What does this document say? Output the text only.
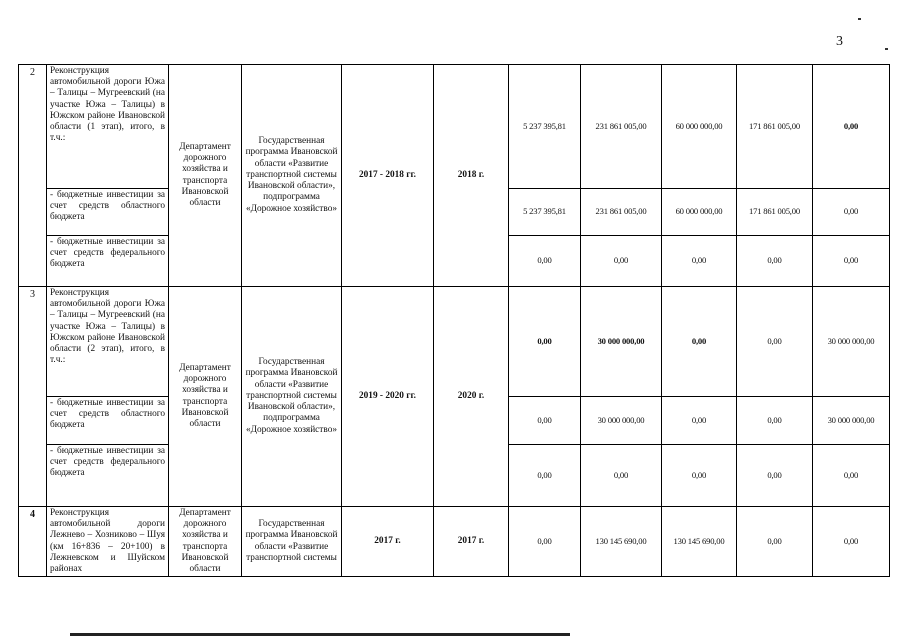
3
2	Реконструкция автомобильной дороги Южа – Талицы – Мугреевский (на участке Южа – Талицы) в Южском районе Ивановской области (1 этап), итого, в т.ч.:	Департамент дорожного хозяйства и транспорта Ивановской области	Государственная программа Ивановской области «Развитие транспортной системы Ивановской области», подпрограмма «Дорожное хозяйство»	2017 - 2018 гг.	2018 г.	5 237 395,81	231 861 005,00	60 000 000,00	171 861 005,00	0,00
	- бюджетные инвестиции за счет средств областного бюджета					5 237 395,81	231 861 005,00	60 000 000,00	171 861 005,00	0,00
	- бюджетные инвестиции за счет средств федерального бюджета					0,00	0,00	0,00	0,00	0,00
3	Реконструкция автомобильной дороги Южа – Талицы – Мугреевский (на участке Южа – Талицы) в Южском районе Ивановской области (2 этап), итого, в т.ч.:	Департамент дорожного хозяйства и транспорта Ивановской области	Государственная программа Ивановской области «Развитие транспортной системы Ивановской области», подпрограмма «Дорожное хозяйство»	2019 - 2020 гг.	2020 г.	0,00	30 000 000,00	0,00	0,00	30 000 000,00
	- бюджетные инвестиции за счет средств областного бюджета					0,00	30 000 000,00	0,00	0,00	30 000 000,00
	- бюджетные инвестиции за счет средств федерального бюджета					0,00	0,00	0,00	0,00	0,00
4	Реконструкция автомобильной дороги Лежнево – Хозниково – Шуя (км 16+836 – 20+100) в Лежневском и Шуйском районах	Департамент дорожного хозяйства и транспорта Ивановской области	Государственная программа Ивановской области «Развитие транспортной системы	2017 г.	2017 г.	0,00	130 145 690,00	130 145 690,00	0,00	0,00
